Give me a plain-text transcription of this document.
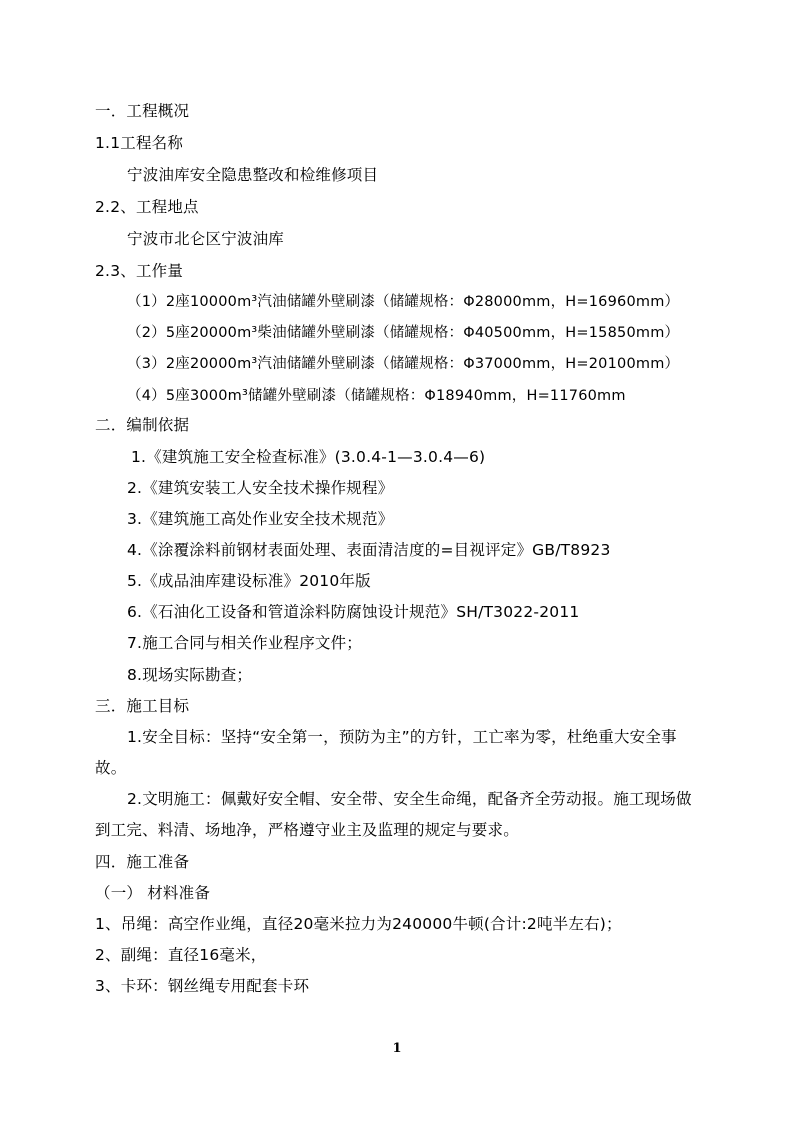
一．工程概况
1.1工程名称
宁波油库安全隐患整改和检维修项目
2.2、工程地点
宁波市北仑区宁波油库
2.3、工作量
（1）2座10000m³汽油储罐外壁刷漆（储罐规格：Φ28000mm，H=16960mm）
（2）5座20000m³柴油储罐外壁刷漆（储罐规格：Φ40500mm，H=15850mm）
（3）2座20000m³汽油储罐外壁刷漆（储罐规格：Φ37000mm，H=20100mm）
（4）5座3000m³储罐外壁刷漆（储罐规格：Φ18940mm，H=11760mm
二．编制依据
1.《建筑施工安全检查标准》(3.0.4-1—3.0.4—6)
2.《建筑安装工人安全技术操作规程》
3.《建筑施工高处作业安全技术规范》
4.《涂覆涂料前钢材表面处理、表面清洁度的=目视评定》GB/T8923
5.《成品油库建设标准》2010年版
6.《石油化工设备和管道涂料防腐蚀设计规范》SH/T3022-2011
7.施工合同与相关作业程序文件；
8.现场实际勘查；
三．施工目标
1.安全目标：坚持“安全第一，预防为主”的方针，工亡率为零，杜绝重大安全事
故。
2.文明施工：佩戴好安全帽、安全带、安全生命绳，配备齐全劳动报。施工现场做
到工完、料清、场地净，严格遵守业主及监理的规定与要求。
四．施工准备
（一） 材料准备
1、吊绳：高空作业绳，直径20毫米拉力为240000牛顿(合计:2吨半左右)；
2、副绳：直径16毫米，
3、卡环：钢丝绳专用配套卡环
1
